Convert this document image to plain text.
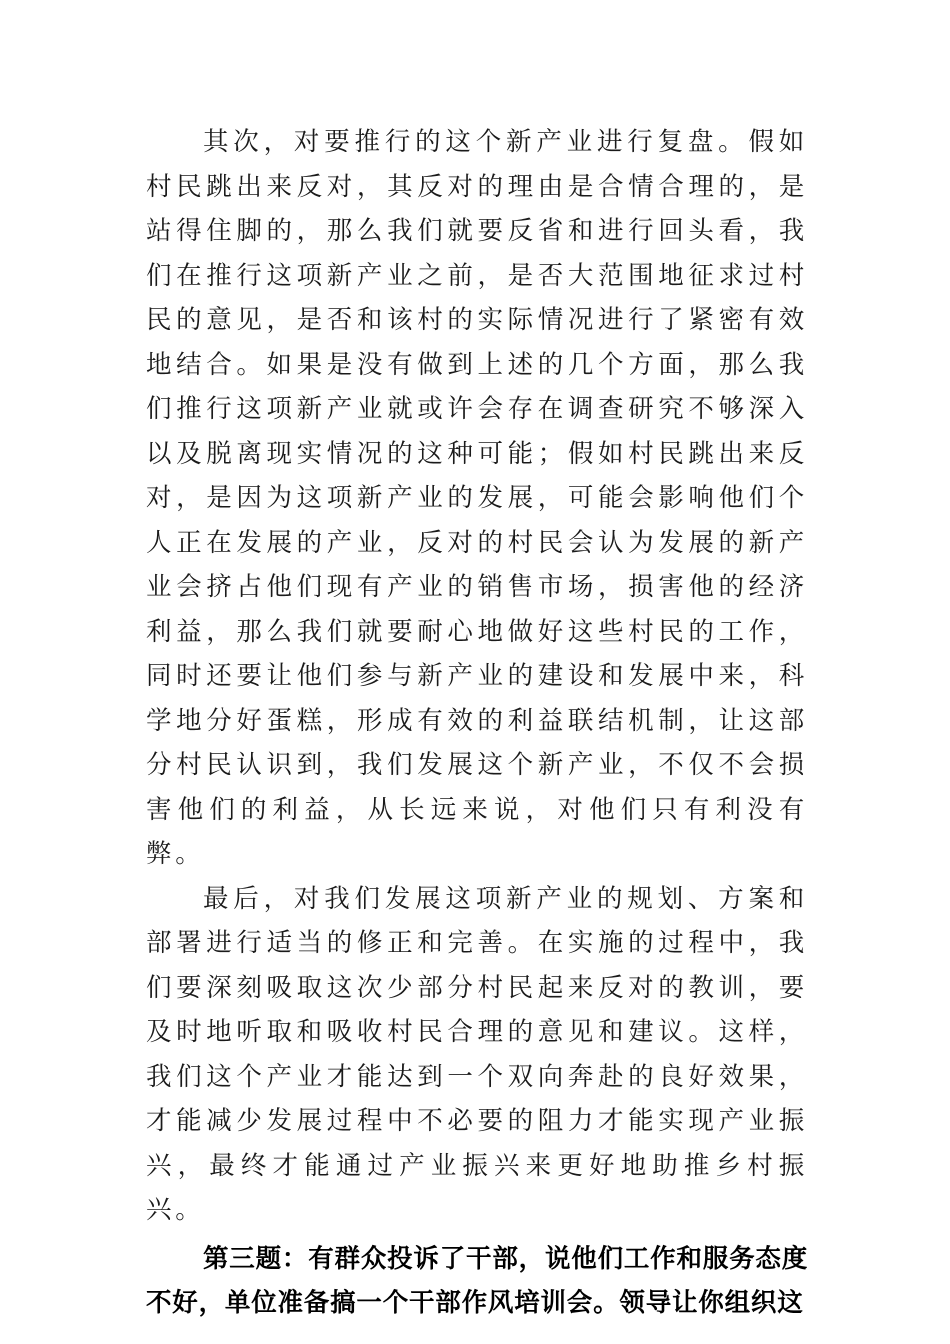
其次，对要推行的这个新产业进行复盘。假如村民跳出来反对，其反对的理由是合情合理的，是站得住脚的，那么我们就要反省和进行回头看，我们在推行这项新产业之前，是否大范围地征求过村民的意见，是否和该村的实际情况进行了紧密有效地结合。如果是没有做到上述的几个方面，那么我们推行这项新产业就或许会存在调查研究不够深入以及脱离现实情况的这种可能；假如村民跳出来反对，是因为这项新产业的发展，可能会影响他们个人正在发展的产业，反对的村民会认为发展的新产业会挤占他们现有产业的销售市场，损害他的经济利益，那么我们就要耐心地做好这些村民的工作，同时还要让他们参与新产业的建设和发展中来，科学地分好蛋糕，形成有效的利益联结机制，让这部分村民认识到，我们发展这个新产业，不仅不会损害他们的利益，从长远来说，对他们只有利没有弊。

最后，对我们发展这项新产业的规划、方案和部署进行适当的修正和完善。在实施的过程中，我们要深刻吸取这次少部分村民起来反对的教训，要及时地听取和吸收村民合理的意见和建议。这样，我们这个产业才能达到一个双向奔赴的良好效果，才能减少发展过程中不必要的阻力才能实现产业振兴，最终才能通过产业振兴来更好地助推乡村振兴。

第三题：有群众投诉了干部，说他们工作和服务态度不好，单位准备搞一个干部作风培训会。领导让你组织这
